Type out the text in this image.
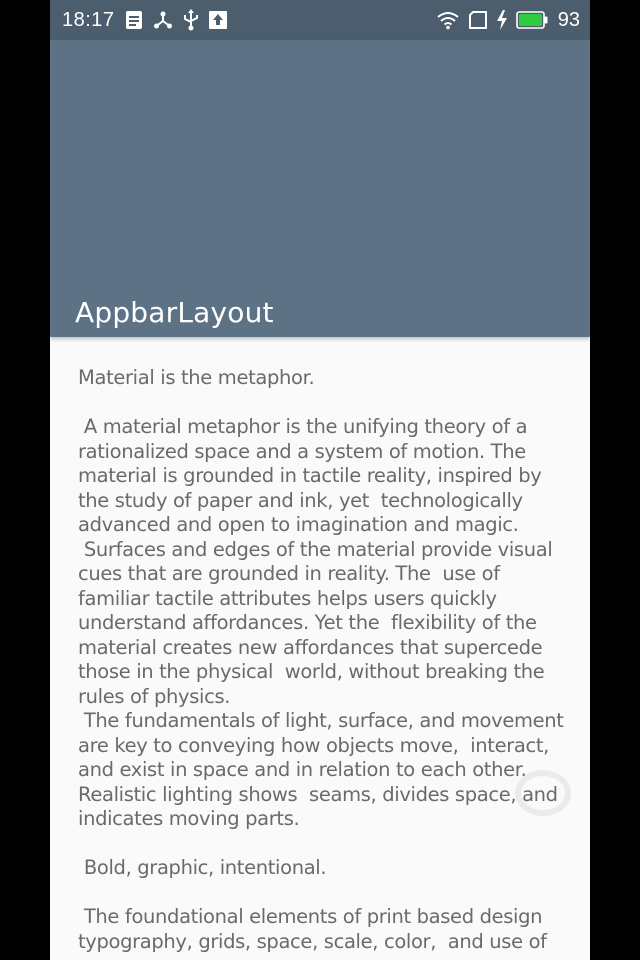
18:17	93
AppbarLayout
Material is the metaphor.

A material metaphor is the unifying theory of a rationalized space and a system of motion. The material is grounded in tactile reality, inspired by the study of paper and ink, yet  technologically advanced and open to imagination and magic.
Surfaces and edges of the material provide visual cues that are grounded in reality. The  use of familiar tactile attributes helps users quickly understand affordances. Yet the  flexibility of the material creates new affordances that supercede those in the physical  world, without breaking the rules of physics.
The fundamentals of light, surface, and movement are key to conveying how objects move,  interact, and exist in space and in relation to each other. Realistic lighting shows  seams, divides space, and indicates moving parts.

Bold, graphic, intentional.

The foundational elements of print based design typography, grids, space, scale, color,  and use of
